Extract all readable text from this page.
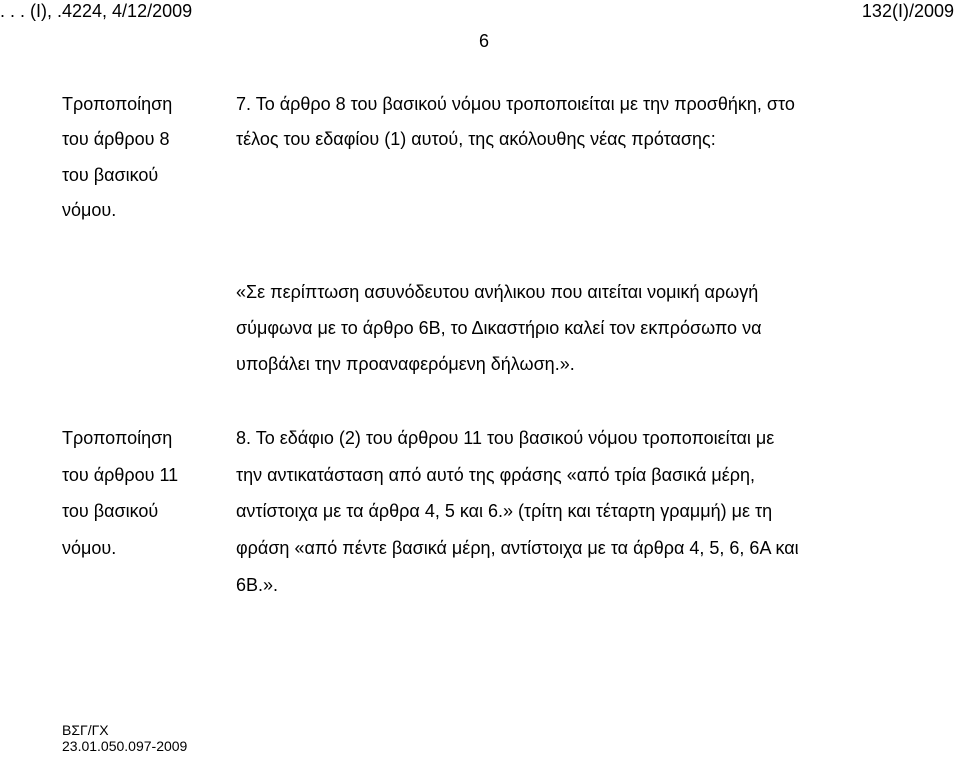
. . . (Ι), .4224, 4/12/2009	132(Ι)/2009
6
Τροποποίηση
του άρθρου 8
του βασικού
νόμου.
7. Το άρθρο 8 του βασικού νόμου τροποποιείται με την προσθήκη, στο
τέλος του εδαφίου (1) αυτού, της ακόλουθης νέας πρότασης:
«Σε περίπτωση ασυνόδευτου ανήλικου που αιτείται νομική αρωγή
σύμφωνα με το άρθρο 6Β, το Δικαστήριο καλεί τον εκπρόσωπο να
υποβάλει την προαναφερόμενη δήλωση.».
Τροποποίηση
του άρθρου 11
του βασικού
νόμου.
8. Το εδάφιο (2) του άρθρου 11 του βασικού νόμου τροποποιείται με
την αντικατάσταση από αυτό της φράσης «από τρία βασικά μέρη,
αντίστοιχα με τα άρθρα 4, 5 και 6.» (τρίτη και τέταρτη γραμμή) με τη
φράση «από πέντε βασικά μέρη, αντίστοιχα με τα άρθρα 4, 5, 6, 6Α και
6Β.».
ΒΣΓ/ΓΧ
23.01.050.097-2009
